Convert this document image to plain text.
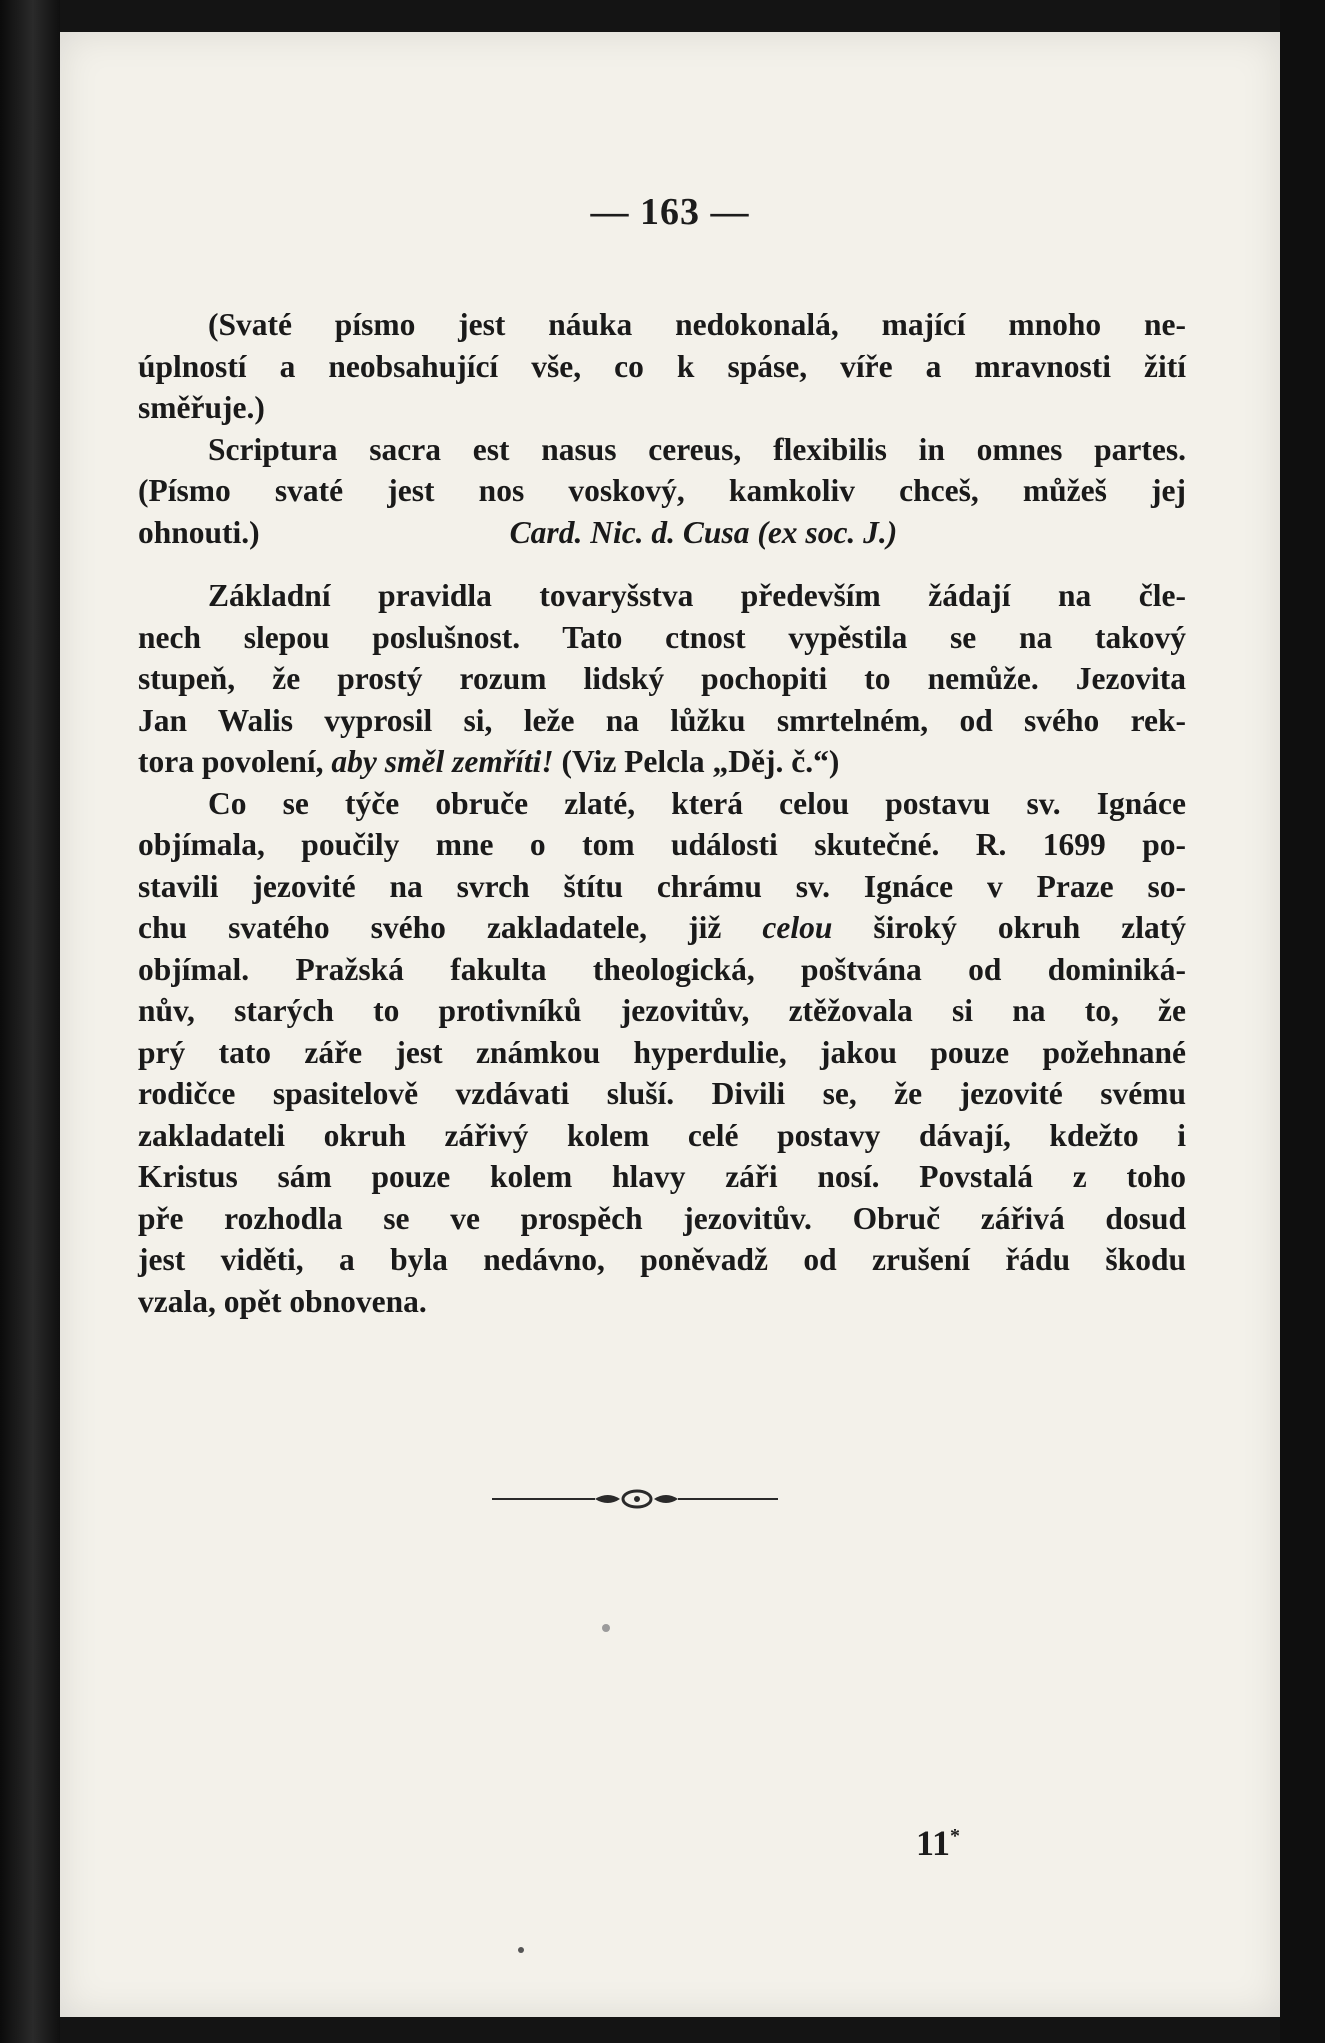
— 163 —
(Svaté písmo jest náuka nedokonalá, mající mnoho ne-
úplností a neobsahující vše, co k spáse, víře a mravnosti žití
směřuje.)
Scriptura sacra est nasus cereus, flexibilis in omnes partes.
(Písmo svaté jest nos voskový, kamkoliv chceš, můžeš jej
ohnouti.)	Card. Nic. d. Cusa (ex soc. J.)
Základní pravidla tovaryšstva především žádají na čle-
nech slepou poslušnost. Tato ctnost vypěstila se na takový
stupeň, že prostý rozum lidský pochopiti to nemůže. Jezovita
Jan Walis vyprosil si, leže na lůžku smrtelném, od svého rek-
tora povolení, aby směl zemříti! (Viz Pelcla „Děj. č.“)
Co se týče obruče zlaté, která celou postavu sv. Ignáce
objímala, poučily mne o tom události skutečné. R. 1699 po-
stavili jezovité na svrch štítu chrámu sv. Ignáce v Praze so-
chu svatého svého zakladatele, již celou široký okruh zlatý
objímal. Pražská fakulta theologická, poštvána od dominiká-
nův, starých to protivníků jezovitův, ztěžovala si na to, že
prý tato záře jest známkou hyperdulie, jakou pouze požehnané
rodičce spasitelově vzdávati sluší. Divili se, že jezovité svému
zakladateli okruh zářivý kolem celé postavy dávají, kdežto i
Kristus sám pouze kolem hlavy záři nosí. Povstalá z toho
pře rozhodla se ve prospěch jezovitův. Obruč zářivá dosud
jest viděti, a byla nedávno, poněvadž od zrušení řádu škodu
vzala, opět obnovena.
11*
